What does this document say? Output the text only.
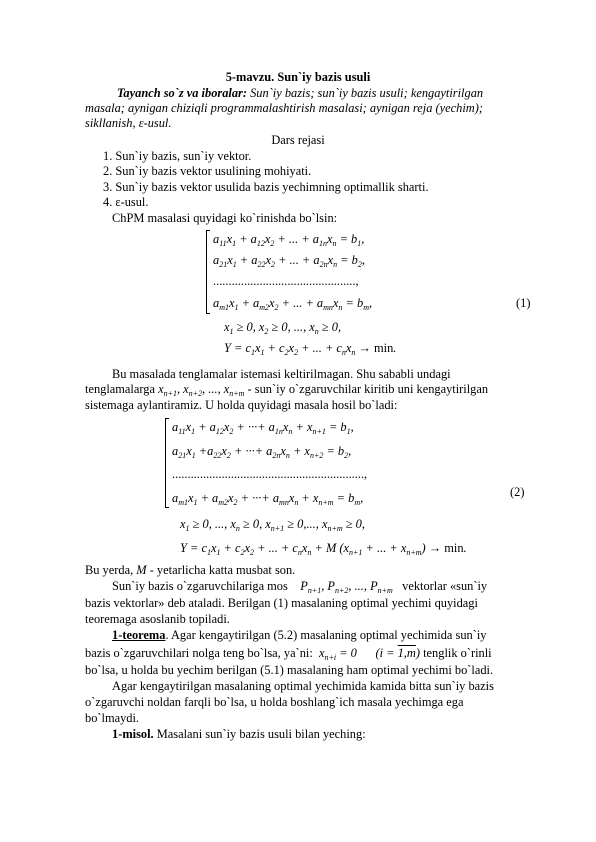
5-mavzu. Sun`iy bazis usuli
Tayanch so`z va iboralar: Sun`iy bazis; sun`iy bazis usuli; kengaytirilgan
masala; aynigan chiziqli programmalashtirish masalasi; aynigan reja (yechim);
sikllanish, ε-usul.
Dars rejasi
1. Sun`iy bazis, sun`iy vektor.
2. Sun`iy bazis vektor usulining mohiyati.
3. Sun`iy bazis vektor usulida bazis yechimning optimallik sharti.
4. ε-usul.
ChPM masalasi quyidagi ko`rinishda bo`lsin:
$a_{11}x_1 + a_{12}x_2$ + ... + $a_{1n}x_n = b_1$,
$a_{21}x_1 + a_{22}x_2$ + ... + $a_{2n}x_n = b_2$,
..............................................,
$a_{m1}x_1 + a_{m2}x_2$ + ... + $a_{mn}x_n = b_m$,	(1)
$x_1 \ge 0$, $x_2 \ge 0$, ..., $x_n \ge 0$,
$Y = c_1x_1 + c_2x_2$ + ... + $c_nx_n \to \min$.
Bu masalada tenglamalar istemasi keltirilmagan. Shu sababli undagi
tenglamalarga $x_{n+1}$, $x_{n+2}$, ..., $x_{n+m}$ - sun`iy o`zgaruvchilar kiritib uni kengaytirilgan
sistemaga aylantiramiz. U holda quyidagi masala hosil bo`ladi:
$a_{11}x_1 + a_{12}x_2$ + ···+ $a_{1n}x_n + x_{n+1} = b_1$,
$a_{21}x_1 +a_{22}x_2$ + ···+ $a_{2n}x_n + x_{n+2} = b_2$,
..............................................................,
$a_{m1}x_1 + a_{m2}x_2$ + ···+ $a_{mn}x_n + x_{n+m} = b_m$,	(2)
$x_1 \ge 0$, ..., $x_n \ge 0$, $x_{n+1} \ge 0$,..., $x_{n+m} \ge 0$,
$Y = c_1x_1 + c_2x_2$ + ... + $c_nx_n + M$ ($x_{n+1}$ + ... + $x_{n+m}) \to \min$.
Bu yerda, M - yetarlicha katta musbat son.
Sun`iy bazis o`zgaruvchilariga mos $P_{n+1}$, $P_{n+2}$, ..., $P_{n+m}$ vektorlar «sun`iy
bazis vektorlar» deb ataladi. Berilgan (1) masalaning optimal yechimi quyidagi
teoremaga asoslanib topiladi.
1-teorema. Agar kengaytirilgan (5.2) masalaning optimal yechimida sun`iy
bazis o`zgaruvchilari nolga teng bo`lsa, ya`ni: $x_{n+i} = 0$ (i = 1,m) tenglik o`rinli
bo`lsa, u holda bu yechim berilgan (5.1) masalaning ham optimal yechimi bo`ladi.
Agar kengaytirilgan masalaning optimal yechimida kamida bitta sun`iy bazis
o`zgaruvchi noldan farqli bo`lsa, u holda boshlang`ich masala yechimga ega
bo`lmaydi.
1-misol. Masalani sun`iy bazis usuli bilan yeching:
